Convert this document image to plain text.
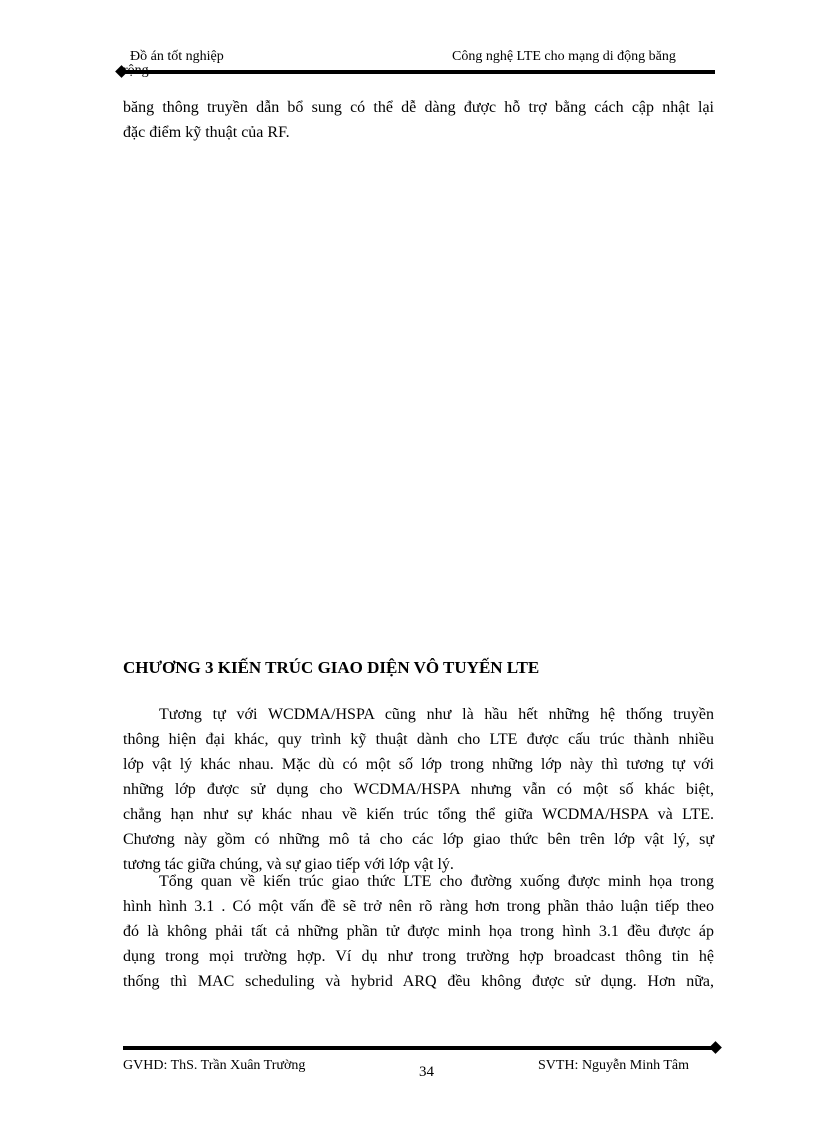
Đồ án tốt nghiệp	Công nghệ LTE cho mạng di động băng
băng thông truyền dẫn bổ sung có thể dễ dàng được hỗ trợ bằng cách cập nhật lại
đặc điểm kỹ thuật của RF.
CHƯƠNG 3 KIẾN TRÚC GIAO DIỆN VÔ TUYẾN LTE
Tương tự với WCDMA/HSPA cũng như là hầu hết những hệ thống truyền
thông hiện đại khác, quy trình kỹ thuật dành cho LTE được cấu trúc thành nhiều
lớp vật lý khác nhau. Mặc dù có một số lớp trong những lớp này thì tương tự với
những lớp được sử dụng cho WCDMA/HSPA nhưng vẫn có một số khác biệt,
chẳng hạn như sự khác nhau về kiến trúc tổng thể giữa WCDMA/HSPA và LTE.
Chương này gồm có những mô tả cho các lớp giao thức bên trên lớp vật lý, sự
tương tác giữa chúng, và sự giao tiếp với lớp vật lý.
Tổng quan về kiến trúc giao thức LTE cho đường xuống được minh họa trong
hình hình 3.1 . Có một vấn đề sẽ trở nên rõ ràng hơn trong phần thảo luận tiếp theo
đó là không phải tất cả những phần tử được minh họa trong hình 3.1 đều được áp
dụng trong mọi trường hợp. Ví dụ như trong trường hợp broadcast thông tin hệ
thống thì MAC scheduling và hybrid ARQ đều không được sử dụng. Hơn nữa,
GVHD: ThS. Trần Xuân Trường	34	SVTH: Nguyễn Minh Tâm
